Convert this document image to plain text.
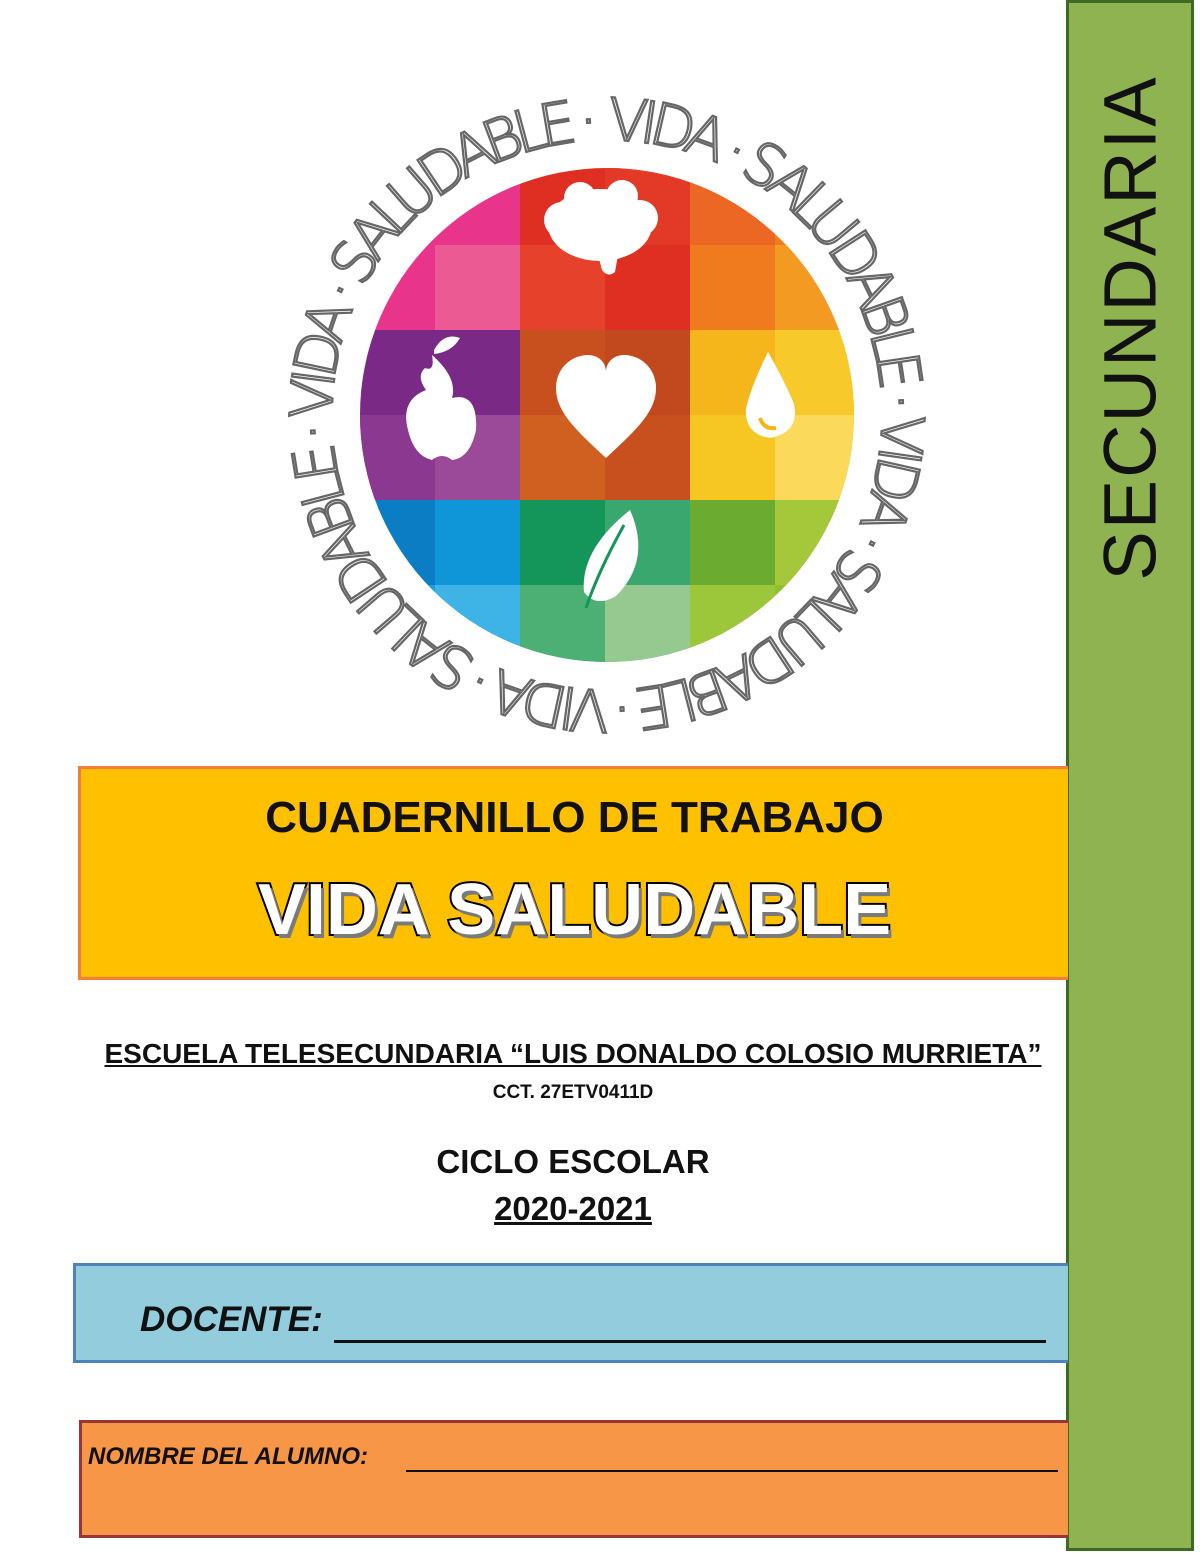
VIDA · SALUDABLE · VIDA · SALUDABLE · VIDA · SALUDABLE · VIDA · SALUDABLE ·	SECUNDARIA
CUADERNILLO DE TRABAJO
VIDA SALUDABLE
ESCUELA TELESECUNDARIA “LUIS DONALDO COLOSIO MURRIETA”
CCT. 27ETV0411D
CICLO ESCOLAR
2020-2021
DOCENTE:
NOMBRE DEL ALUMNO:
